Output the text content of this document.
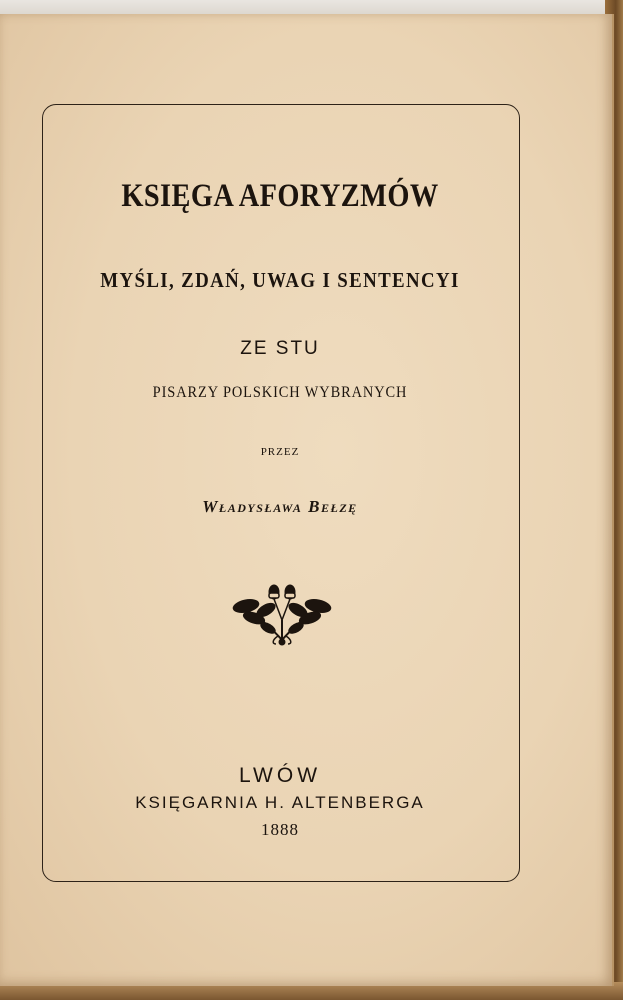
KSIĘGA AFORYZMÓW
MYŚLI, ZDAŃ, UWAG I SENTENCYI
ZE STU
PISARZY POLSKICH WYBRANYCH
PRZEZ
Władysława Bełzę
LWÓW
KSIĘGARNIA H. ALTENBERGA
1888
